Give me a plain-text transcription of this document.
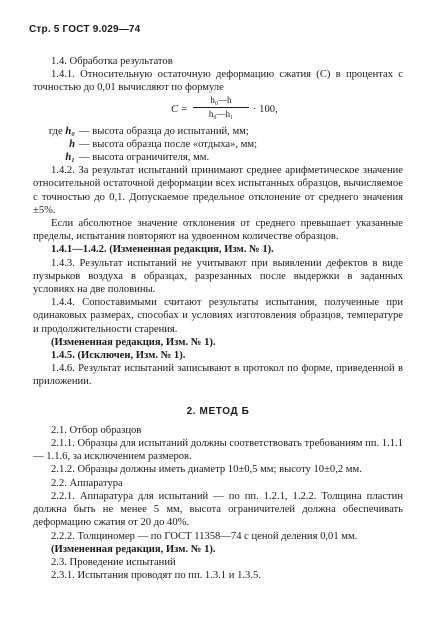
Стр. 5 ГОСТ 9.029—74

1.4. Обработка результатов

1.4.1. Относительную остаточную деформацию сжатия (C) в процентах с точностью до 0,01 вычисляют по формуле

$C = \frac{\text{h₀—h}}{\text{h₀—h₁}} \cdot 100$,
где h₀ — высота образца до испытаний, мм;
h — высота образца после «отдыха», мм;
h₁ — высота ограничителя, мм.

1.4.2. За результат испытаний принимают среднее арифметическое значение относительной остаточной деформации всех испытанных образцов, вычисляемое с точностью до 0,1. Допускаемое предельное отклонение от среднего значения ±5%.

Если абсолютное значение отклонения от среднего превышает указанные пределы, испытания повторяют на удвоенном количестве образцов.

1.4.1—1.4.2. (Измененная редакция, Изм. № 1).

1.4.3. Результат испытаний не учитывают при выявлении дефектов в виде пузырьков воздуха в образцах, разрезанных после выдержки в заданных условиях на две половины.

1.4.4. Сопоставимыми считают результаты испытания, полученные при одинаковых размерах, способах и условиях изготовления образцов, температуре и продолжительности старения.

(Измененная редакция, Изм. № 1).

1.4.5. (Исключен, Изм. № 1).

1.4.6. Результат испытаний записывают в протокол по форме, приведенной в приложении.

2. МЕТОД Б

2.1. Отбор образцов

2.1.1. Образцы для испытаний должны соответствовать требованиям пп. 1.1.1 — 1.1.6, за исключением размеров.

2.1.2. Образцы должны иметь диаметр 10±0,5 мм; высоту 10±0,2 мм.

2.2. Аппаратура

2.2.1. Аппаратура для испытаний — по пп. 1.2.1, 1.2.2. Толщина пластин должна быть не менее 5 мм, высота ограничителей должна обеспечивать деформацию сжатия от 20 до 40%.

2.2.2. Толщиномер — по ГОСТ 11358—74 с ценой деления 0,01 мм.

(Измененная редакция, Изм. № 1).

2.3. Проведение испытаний

2.3.1. Испытания проводят по пп. 1.3.1 и 1.3.5.
